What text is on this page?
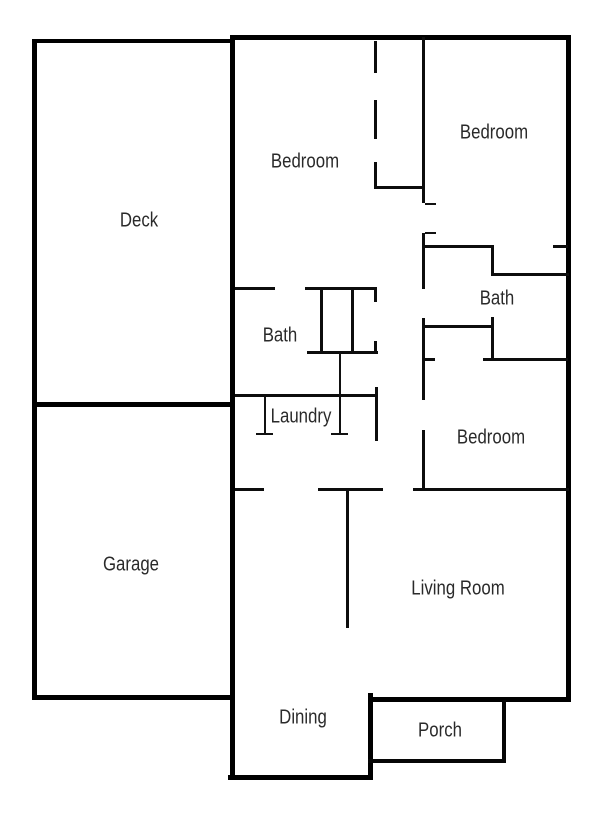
Deck
Bedroom
Bedroom
Bath
Bath
Laundry
Bedroom
Garage
Living Room
Dining
Porch
